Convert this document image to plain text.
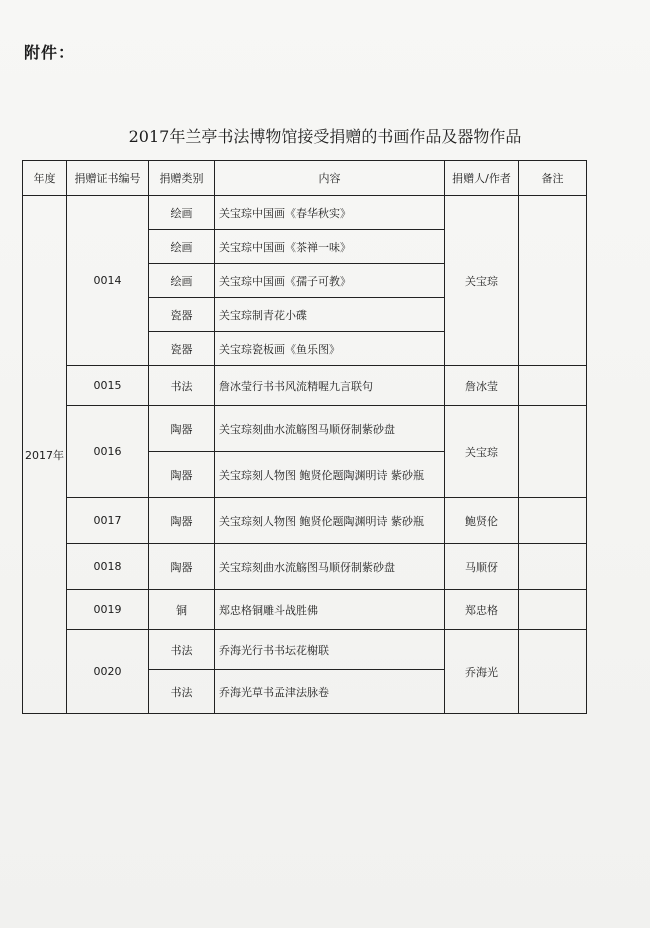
附件：
2017年兰亭书法博物馆接受捐赠的书画作品及器物作品
年度	捐赠证书编号	捐赠类别	内容	捐赠人/作者	备注
2017年	0014	绘画	关宝琮中国画《春华秋实》	关宝琮	
		绘画	关宝琮中国画《茶禅一味》		
		绘画	关宝琮中国画《孺子可教》		
		瓷器	关宝琮制青花小碟		
		瓷器	关宝琮瓷板画《鱼乐图》		
	0015	书法	詹冰莹行书书风流精喔九言联句	詹冰莹	
	0016	陶器	关宝琮刻曲水流觞图马顺伢制紫砂盘	关宝琮	
		陶器	关宝琮刻人物图 鲍贤伦题陶渊明诗 紫砂瓶		
	0017	陶器	关宝琮刻人物图 鲍贤伦题陶渊明诗 紫砂瓶	鲍贤伦	
	0018	陶器	关宝琮刻曲水流觞图马顺伢制紫砂盘	马顺伢	
	0019	铜	郑忠格铜雕斗战胜佛	郑忠格	
	0020	书法	乔海光行书书坛花榭联	乔海光	
		书法	乔海光草书孟津法脉卷		
